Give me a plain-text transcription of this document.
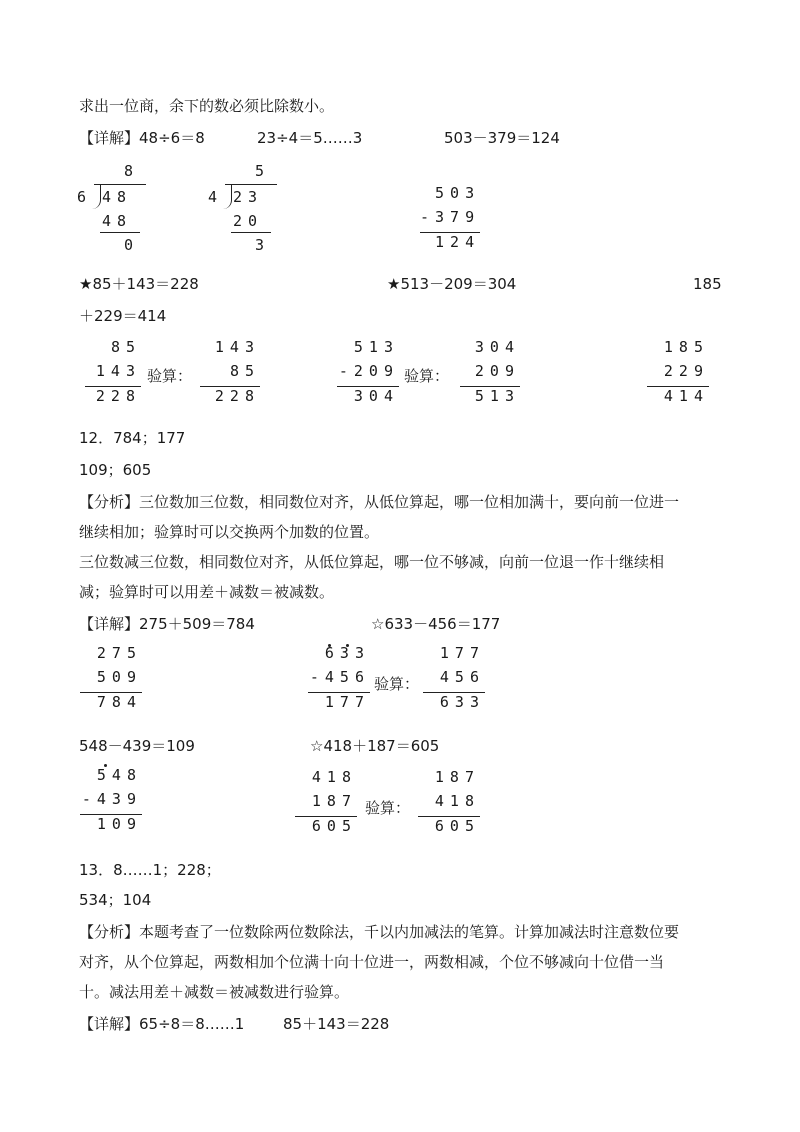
求出一位商，余下的数必须比除数小。
【详解】48÷6＝8	23÷4＝5……3	503－379＝124
8
6 48
48
0
5
4 23
20
3
503
-379
124
★85＋143＝228	★513－209＝304	185
＋229＝414
85
143
228
验算：
143
85
228
513
-209
304
验算：
304
209
513
185
229
414
12．784；177
109；605
【分析】三位数加三位数，相同数位对齐，从低位算起，哪一位相加满十，要向前一位进一
继续相加；验算时可以交换两个加数的位置。
三位数减三位数，相同数位对齐，从低位算起，哪一位不够减，向前一位退一作十继续相
减；验算时可以用差＋减数＝被减数。
【详解】275＋509＝784	☆633－456＝177
275
509
784
633
-456
177
验算：
177
456
633
548－439＝109	☆418＋187＝605
548
-439
109
418
187
605
验算：
187
418
605
13．8……1；228；
534；104
【分析】本题考查了一位数除两位数除法，千以内加减法的笔算。计算加减法时注意数位要
对齐，从个位算起，两数相加个位满十向十位进一，两数相减，个位不够减向十位借一当
十。减法用差＋减数＝被减数进行验算。
【详解】65÷8＝8……1	85＋143＝228
